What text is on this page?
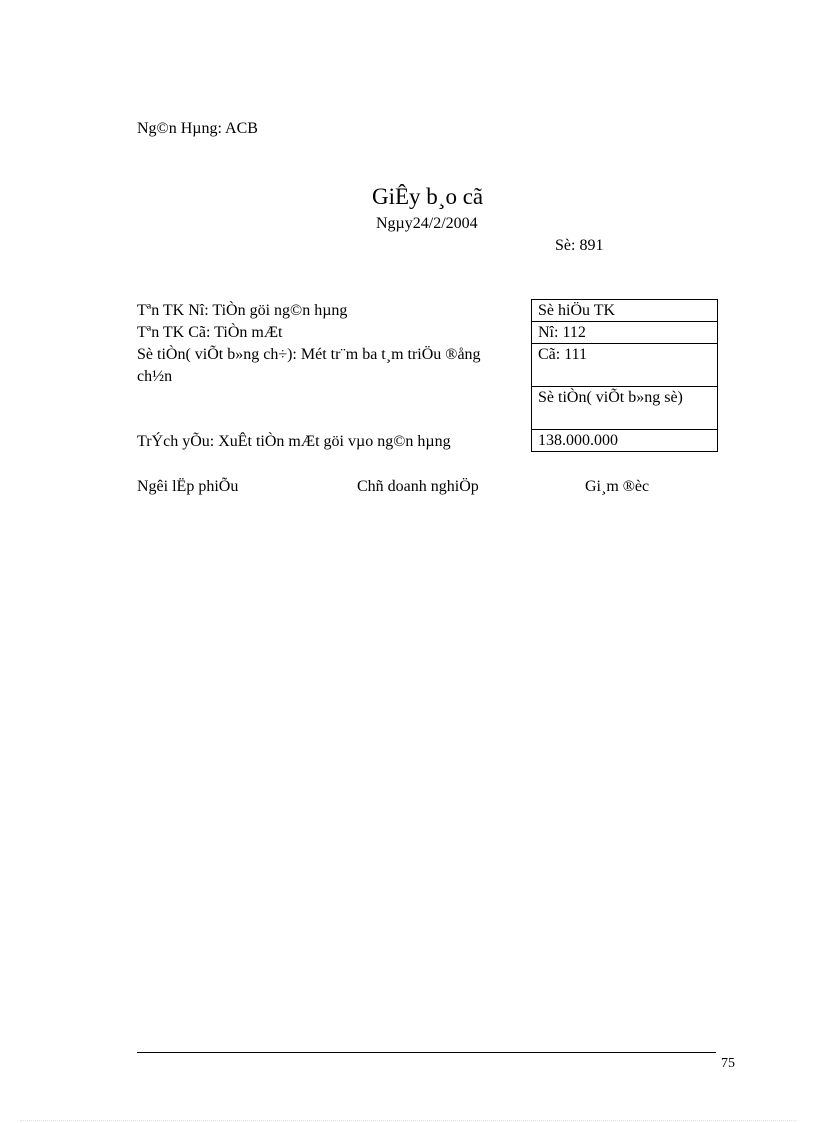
Ng©n Hµng: ACB
GiÊy b¸o cã
Ngµy24/2/2004
Sè: 891
Tªn TK Nî: TiÒn göi ng©n hµng
Tªn TK Cã: TiÒn mÆt
Sè tiÒn( viÕt b»ng ch÷): Mét tr¨m ba t¸m triÖu ®ång ch½n
TrÝch yÕu: XuÊt tiÒn mÆt göi vµo ng©n hµng
Sè hiÖu TK
Nî: 112
Cã: 111
Sè tiÒn( viÕt b»ng sè)
138.000.000
Ngêi lËp phiÕu	Chñ doanh nghiÖp	Gi¸m ®èc
75
